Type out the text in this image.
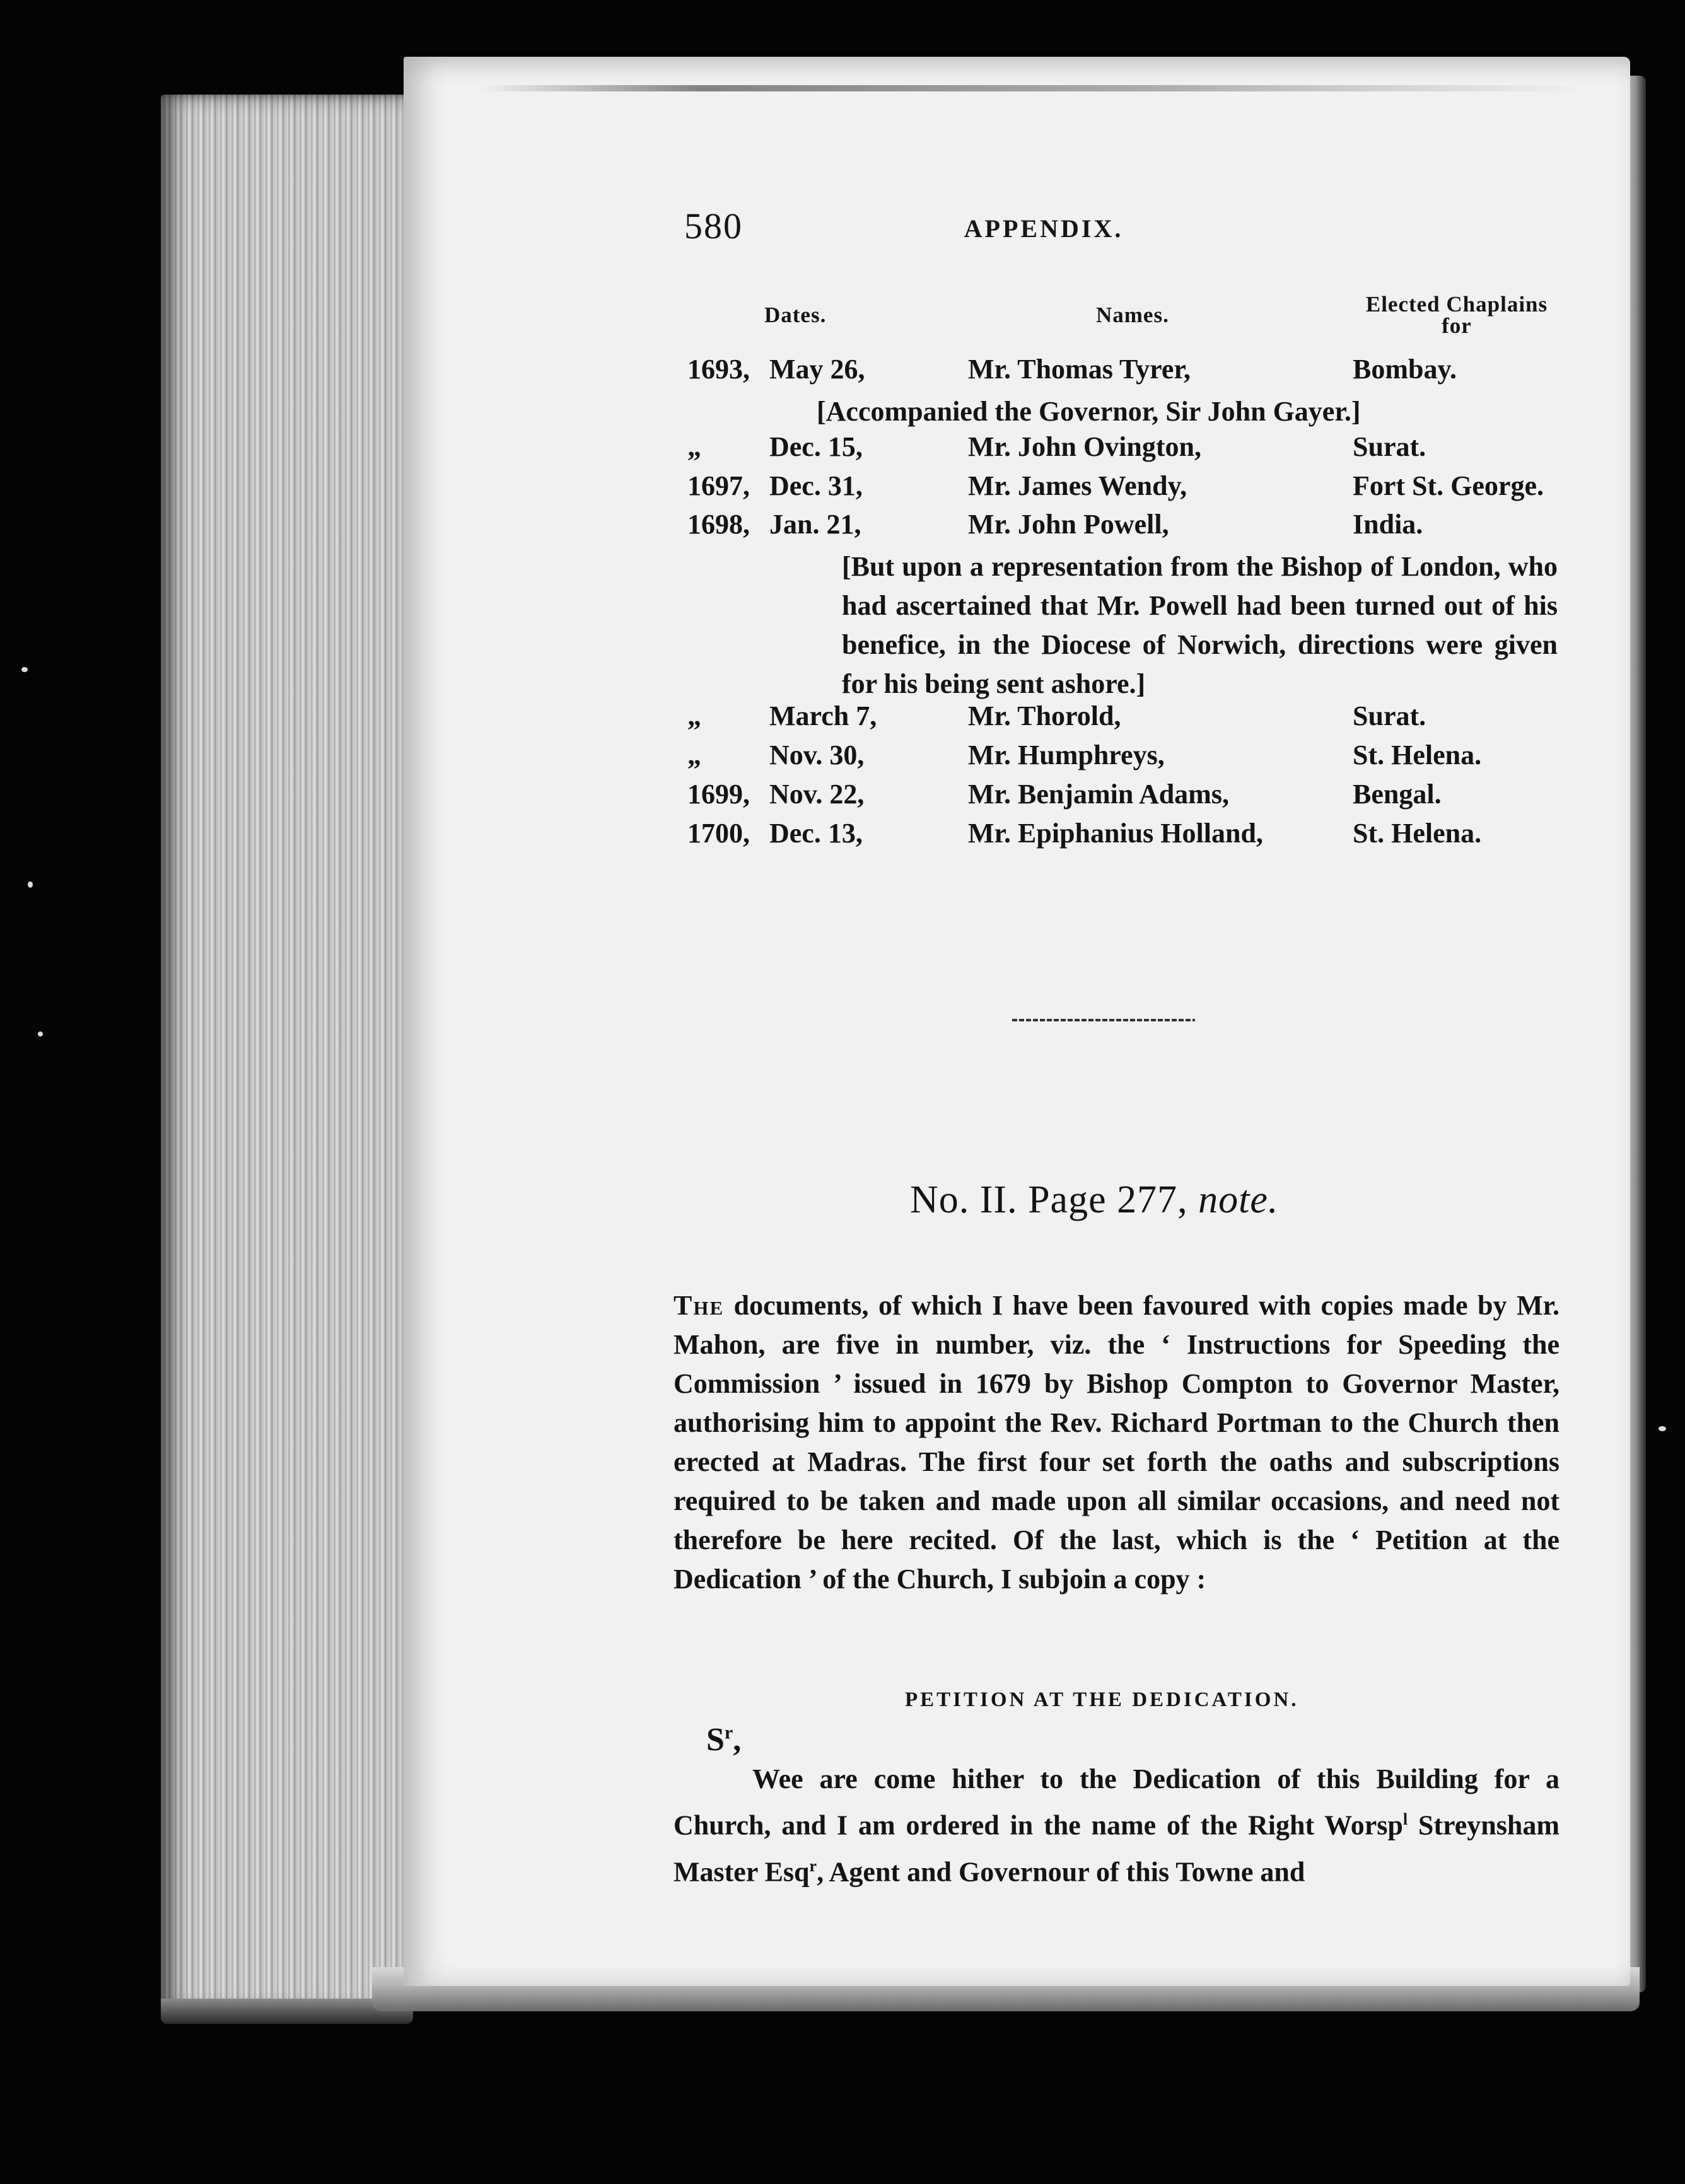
580	APPENDIX.
Dates.	Names.	Elected Chaplains for
1693, May 26,	Mr. Thomas Tyrer,	Bombay.
[Accompanied the Governor, Sir John Gayer.]
„ Dec. 15,	Mr. John Ovington,	Surat.
1697, Dec. 31,	Mr. James Wendy,	Fort St. George.
1698, Jan. 21,	Mr. John Powell,	India.
[But upon a representation from the Bishop of London, who had ascertained that Mr. Powell had been turned out of his benefice, in the Diocese of Norwich, directions were given for his being sent ashore.]
„ March 7,	Mr. Thorold,	Surat.
„ Nov. 30,	Mr. Humphreys,	St. Helena.
1699, Nov. 22,	Mr. Benjamin Adams,	Bengal.
1700, Dec. 13,	Mr. Epiphanius Holland,	St. Helena.
No. II. Page 277, note.
The documents, of which I have been favoured with copies made by Mr. Mahon, are five in number, viz. the ‘ Instructions for Speeding the Commission ’ issued in 1679 by Bishop Compton to Governor Master, authorising him to appoint the Rev. Richard Portman to the Church then erected at Madras. The first four set forth the oaths and subscriptions required to be taken and made upon all similar occasions, and need not therefore be here recited. Of the last, which is the ‘ Petition at the Dedication ’ of the Church, I subjoin a copy :
PETITION AT THE DEDICATION.
$S^r$,
Wee are come hither to the Dedication of this Building for a Church, and I am ordered in the name of the Right Worsp$^l$ Streynsham Master Esq$^r$, Agent and Governour of this Towne and
